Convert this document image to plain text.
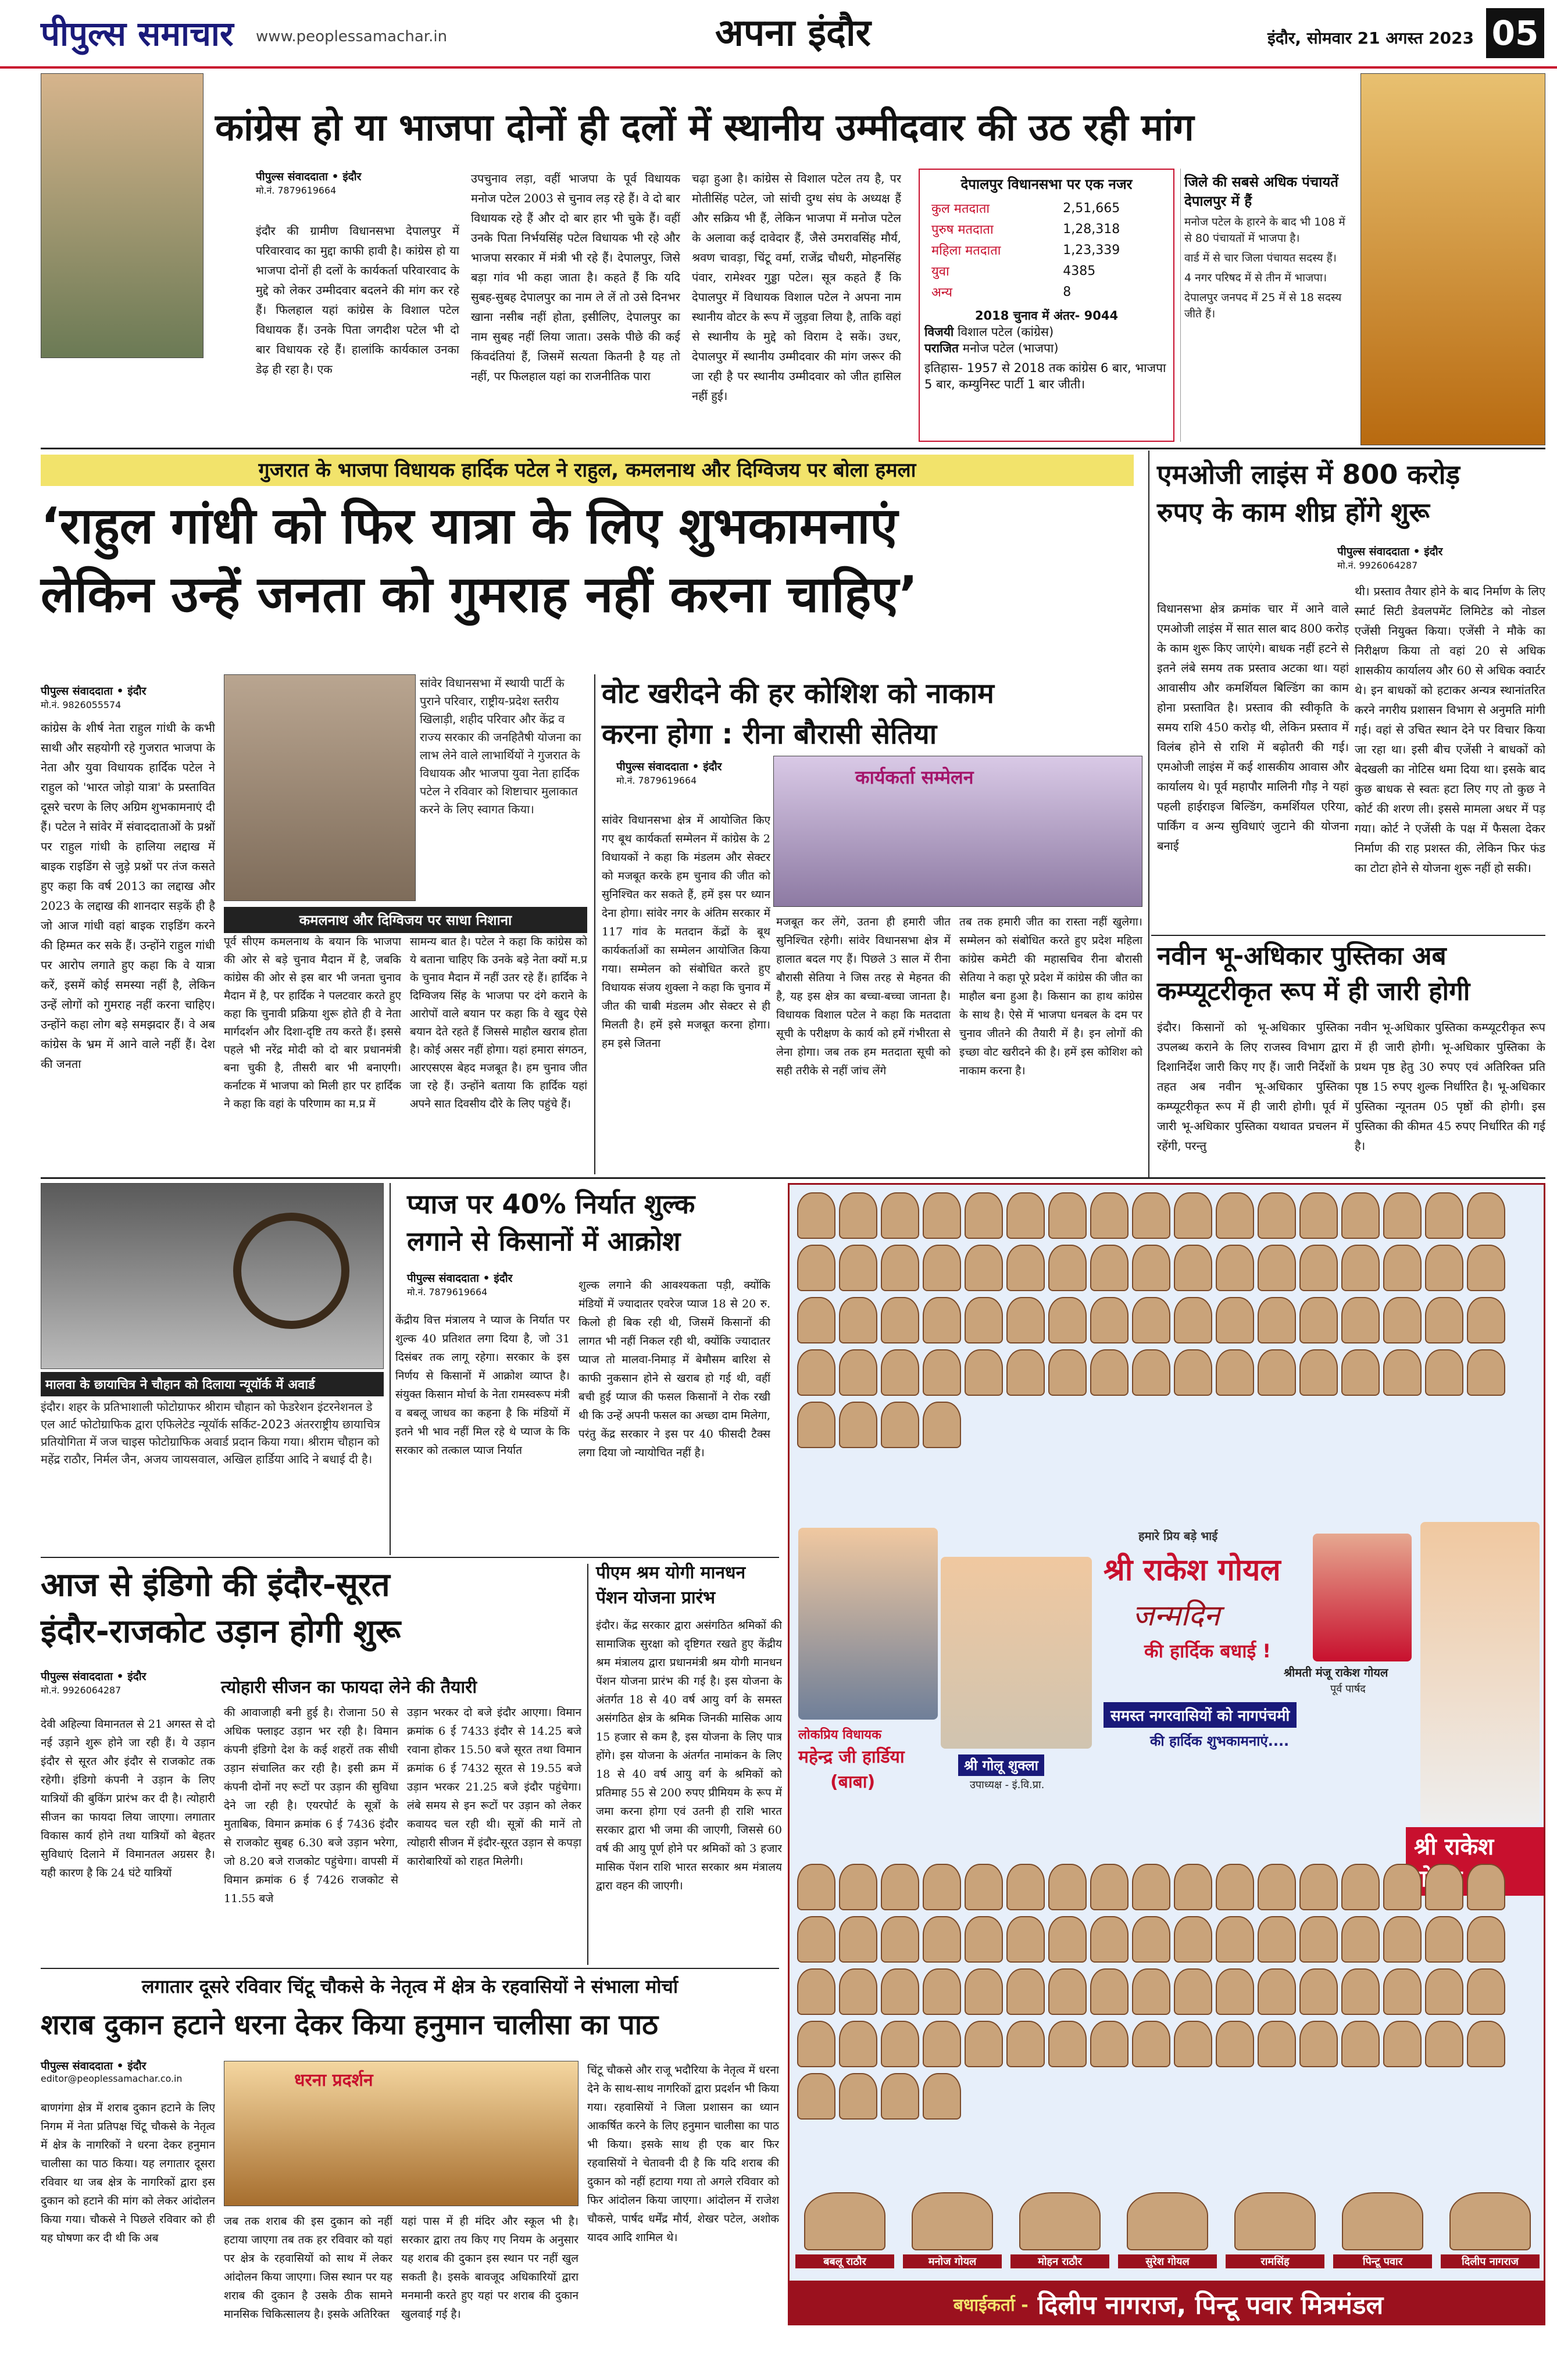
पीपुल्स समाचार www.peoplessamachar.in	अपना इंदौर	इंदौर, सोमवार 21 अगस्त 2023 05
कांग्रेस हो या भाजपा दोनों ही दलों में स्थानीय उम्मीदवार की उठ रही मांग
पीपुल्स संवाददाता • इंदौर
मो.नं. 7879619664
इंदौर की ग्रामीण विधानसभा देपालपुर में परिवारवाद का मुद्दा काफी हावी है। कांग्रेस हो या भाजपा दोनों ही दलों के कार्यकर्ता परिवारवाद के मुद्दे को लेकर उम्मीदवार बदलने की मांग कर रहे हैं। फिलहाल यहां कांग्रेस के विशाल पटेल विधायक हैं। उनके पिता जगदीश पटेल भी दो बार विधायक रहे हैं। हालांकि कार्यकाल उनका डेढ़ ही रहा है। एक
उपचुनाव लड़ा, वहीं भाजपा के पूर्व विधायक मनोज पटेल 2003 से चुनाव लड़ रहे हैं। वे दो बार विधायक रहे हैं और दो बार हार भी चुके हैं। वहीं उनके पिता निर्भयसिंह पटेल विधायक भी रहे और भाजपा सरकार में मंत्री भी रहे हैं। देपालपुर, जिसे बड़ा गांव भी कहा जाता है। कहते हैं कि यदि सुबह-सुबह देपालपुर का नाम ले लें तो उसे दिनभर खाना नसीब नहीं होता, इसीलिए, देपालपुर का नाम सुबह नहीं लिया जाता। उसके पीछे की कई किंवदंतियां हैं, जिसमें सत्यता कितनी है यह तो नहीं, पर फिलहाल यहां का राजनीतिक पारा
चढ़ा हुआ है। कांग्रेस से विशाल पटेल तय है, पर मोतीसिंह पटेल, जो सांची दुग्ध संघ के अध्यक्ष हैं और सक्रिय भी हैं, लेकिन भाजपा में मनोज पटेल के अलावा कई दावेदार हैं, जैसे उमरावसिंह मौर्य, श्रवण चावड़ा, चिंटू वर्मा, राजेंद्र चौधरी, मोहनसिंह पंवार, रामेश्वर गुड्डा पटेल। सूत्र कहते हैं कि देपालपुर में विधायक विशाल पटेल ने अपना नाम स्थानीय वोटर के रूप में जुड़वा लिया है, ताकि वहां से स्थानीय के मुद्दे को विराम दे सकें। उधर, देपालपुर में स्थानीय उम्मीदवार की मांग जरूर की जा रही है पर स्थानीय उम्मीदवार को जीत हासिल नहीं हुई।
देपालपुर विधानसभा पर एक नजर
कुल मतदाता	2,51,665
पुरुष मतदाता	1,28,318
महिला मतदाता	1,23,339
युवा	4385
अन्य	8
2018 चुनाव में अंतर- 9044
विजयी विशाल पटेल (कांग्रेस)
पराजित मनोज पटेल (भाजपा)
इतिहास- 1957 से 2018 तक कांग्रेस 6 बार, भाजपा 5 बार, कम्युनिस्ट पार्टी 1 बार जीती।
जिले की सबसे अधिक पंचायतें देपालपुर में हैं
मनोज पटेल के हारने के बाद भी 108 में से 80 पंचायतों में भाजपा है।
वार्ड में से चार जिला पंचायत सदस्य हैं।
4 नगर परिषद में से तीन में भाजपा।
देपालपुर जनपद में 25 में से 18 सदस्य जीते हैं।
गुजरात के भाजपा विधायक हार्दिक पटेल ने राहुल, कमलनाथ और दिग्विजय पर बोला हमला
‘राहुल गांधी को फिर यात्रा के लिए शुभकामनाएं
लेकिन उन्हें जनता को गुमराह नहीं करना चाहिए’
एमओजी लाइंस में 800 करोड़
रुपए के काम शीघ्र होंगे शुरू
पीपुल्स संवाददाता • इंदौर
मो.नं. 9926064287
विधानसभा क्षेत्र क्रमांक चार में आने वाले एमओजी लाइंस में सात साल बाद 800 करोड़ के काम शुरू किए जाएंगे। बाधक नहीं हटने से इतने लंबे समय तक प्रस्ताव अटका था। यहां आवासीय और कमर्शियल बिल्डिंग का काम होना प्रस्तावित है। प्रस्ताव की स्वीकृति के समय राशि 450 करोड़ थी, लेकिन प्रस्ताव में विलंब होने से राशि में बढ़ोतरी की गई। एमओजी लाइंस में कई शासकीय आवास और कार्यालय थे। पूर्व महापौर मालिनी गौड़ ने यहां पहली हाईराइज बिल्डिंग, कमर्शियल एरिया, पार्किंग व अन्य सुविधाएं जुटाने की योजना बनाई
थी। प्रस्ताव तैयार होने के बाद निर्माण के लिए स्मार्ट सिटी डेवलपमेंट लिमिटेड को नोडल एजेंसी नियुक्त किया। एजेंसी ने मौके का निरीक्षण किया तो वहां 20 से अधिक शासकीय कार्यालय और 60 से अधिक क्वार्टर थे। इन बाधकों को हटाकर अन्यत्र स्थानांतरित करने नगरीय प्रशासन विभाग से अनुमति मांगी गई। वहां से उचित स्थान देने पर विचार किया जा रहा था। इसी बीच एजेंसी ने बाधकों को बेदखली का नोटिस थमा दिया था। इसके बाद कुछ बाधक से स्वतः हटा लिए गए तो कुछ ने कोर्ट की शरण ली। इससे मामला अधर में पड़ गया। कोर्ट ने एजेंसी के पक्ष में फैसला देकर निर्माण की राह प्रशस्त की, लेकिन फिर फंड का टोटा होने से योजना शुरू नहीं हो सकी।
नवीन भू-अधिकार पुस्तिका अब
कम्प्यूटरीकृत रूप में ही जारी होगी
इंदौर। किसानों को भू-अधिकार पुस्तिका उपलब्ध कराने के लिए राजस्व विभाग द्वारा दिशानिर्देश जारी किए गए हैं। जारी निर्देशों के तहत अब नवीन भू-अधिकार पुस्तिका कम्प्यूटरीकृत रूप में ही जारी होगी। पूर्व में जारी भू-अधिकार पुस्तिका यथावत प्रचलन में रहेंगी, परन्तु
नवीन भू-अधिकार पुस्तिका कम्प्यूटरीकृत रूप में ही जारी होगी। भू-अधिकार पुस्तिका के प्रथम पृष्ठ हेतु 30 रुपए एवं अतिरिक्त प्रति पृष्ठ 15 रुपए शुल्क निर्धारित है। भू-अधिकार पुस्तिका न्यूनतम 05 पृष्ठों की होगी। इस पुस्तिका की कीमत 45 रुपए निर्धारित की गई है।
पीपुल्स संवाददाता • इंदौर
मो.नं. 9826055574
कांग्रेस के शीर्ष नेता राहुल गांधी के कभी साथी और सहयोगी रहे गुजरात भाजपा के नेता और युवा विधायक हार्दिक पटेल ने राहुल को 'भारत जोड़ो यात्रा' के प्रस्तावित दूसरे चरण के लिए अग्रिम शुभकामनाएं दी हैं। पटेल ने सांवेर में संवाददाताओं के प्रश्नों पर राहुल गांधी के हालिया लद्दाख में बाइक राइडिंग से जुड़े प्रश्नों पर तंज कसते हुए कहा कि वर्ष 2013 का लद्दाख और 2023 के लद्दाख की शानदार सड़कें ही है जो आज गांधी वहां बाइक राइडिंग करने की हिम्मत कर सके हैं। उन्होंने राहुल गांधी पर आरोप लगाते हुए कहा कि वे यात्रा करें, इसमें कोई समस्या नहीं है, लेकिन उन्हें लोगों को गुमराह नहीं करना चाहिए। उन्होंने कहा लोग बड़े समझदार हैं। वे अब कांग्रेस के भ्रम में आने वाले नहीं हैं। देश की जनता
सांवेर विधानसभा में स्थायी पार्टी के पुराने परिवार, राष्ट्रीय-प्रदेश स्तरीय खिलाड़ी, शहीद परिवार और केंद्र व राज्य सरकार की जनहितैषी योजना का लाभ लेने वाले लाभार्थियों ने गुजरात के विधायक और भाजपा युवा नेता हार्दिक पटेल ने रविवार को शिष्टाचार मुलाकात करने के लिए स्वागत किया।
कमलनाथ और दिग्विजय पर साधा निशाना
पूर्व सीएम कमलनाथ के बयान कि भाजपा की ओर से बड़े चुनाव मैदान में है, जबकि कांग्रेस की ओर से इस बार भी जनता चुनाव मैदान में है, पर हार्दिक ने पलटवार करते हुए कहा कि चुनावी प्रक्रिया शुरू होते ही वे नेता मार्गदर्शन और दिशा-दृष्टि तय करते हैं। इससे पहले भी नरेंद्र मोदी को दो बार प्रधानमंत्री बना चुकी है, तीसरी बार भी बनाएगी। कर्नाटक में भाजपा को मिली हार पर हार्दिक ने कहा कि वहां के परिणाम का म.प्र में
सामन्य बात है। पटेल ने कहा कि कांग्रेस को ये बताना चाहिए कि उनके बड़े नेता क्यों म.प्र के चुनाव मैदान में नहीं उतर रहे हैं। हार्दिक ने दिग्विजय सिंह के भाजपा पर दंगे कराने के आरोपों वाले बयान पर कहा कि वे खुद ऐसे बयान देते रहते हैं जिससे माहौल खराब होता है। कोई असर नहीं होगा। यहां हमारा संगठन, आरएसएस बेहद मजबूत है। हम चुनाव जीत जा रहे हैं। उन्होंने बताया कि हार्दिक यहां अपने सात दिवसीय दौरे के लिए पहुंचे हैं।
वोट खरीदने की हर कोशिश को नाकाम
करना होगा : रीना बौरासी सेतिया
पीपुल्स संवाददाता • इंदौर
मो.नं. 7879619664	कार्यकर्ता सम्मेलन
सांवेर विधानसभा क्षेत्र में आयोजित किए गए बूथ कार्यकर्ता सम्मेलन में कांग्रेस के 2 विधायकों ने कहा कि मंडलम और सेक्टर को मजबूत करके हम चुनाव की जीत को सुनिश्चित कर सकते हैं, हमें इस पर ध्यान देना होगा। सांवेर नगर के अंतिम सरकार में 117 गांव के मतदान केंद्रों के बूथ कार्यकर्ताओं का सम्मेलन आयोजित किया गया। सम्मेलन को संबोधित करते हुए विधायक संजय शुक्ला ने कहा कि चुनाव में जीत की चाबी मंडलम और सेक्टर से ही मिलती है। हमें इसे मजबूत करना होगा। हम इसे जितना
मजबूत कर लेंगे, उतना ही हमारी जीत सुनिश्चित रहेगी। सांवेर विधानसभा क्षेत्र में हालात बदल गए हैं। पिछले 3 साल में रीना बौरासी सेतिया ने जिस तरह से मेहनत की है, यह इस क्षेत्र का बच्चा-बच्चा जानता है। विधायक विशाल पटेल ने कहा कि मतदाता सूची के परीक्षण के कार्य को हमें गंभीरता से लेना होगा। जब तक हम मतदाता सूची को सही तरीके से नहीं जांच लेंगे
तब तक हमारी जीत का रास्ता नहीं खुलेगा। सम्मेलन को संबोधित करते हुए प्रदेश महिला कांग्रेस कमेटी की महासचिव रीना बौरासी सेतिया ने कहा पूरे प्रदेश में कांग्रेस की जीत का माहौल बना हुआ है। किसान का हाथ कांग्रेस के साथ है। ऐसे में भाजपा धनबल के दम पर चुनाव जीतने की तैयारी में है। इन लोगों की इच्छा वोट खरीदने की है। हमें इस कोशिश को नाकाम करना है।
मालवा के छायाचित्र ने चौहान को दिलाया न्यूयॉर्क में अवार्ड
इंदौर। शहर के प्रतिभाशाली फोटोग्राफर श्रीराम चौहान को फेडरेशन इंटरनेशनल डे एल आर्ट फोटोग्राफिक द्वारा एफिलेटेड न्यूयॉर्क सर्किट-2023 अंतरराष्ट्रीय छायाचित्र प्रतियोगिता में जज चाइस फोटोग्राफिक अवार्ड प्रदान किया गया। श्रीराम चौहान को महेंद्र राठौर, निर्मल जैन, अजय जायसवाल, अखिल हार्डिया आदि ने बधाई दी है।
प्याज पर 40% निर्यात शुल्क
लगाने से किसानों में आक्रोश
पीपुल्स संवाददाता • इंदौर
मो.नं. 7879619664
केंद्रीय वित्त मंत्रालय ने प्याज के निर्यात पर शुल्क 40 प्रतिशत लगा दिया है, जो 31 दिसंबर तक लागू रहेगा। सरकार के इस निर्णय से किसानों में आक्रोश व्याप्त है। संयुक्त किसान मोर्चा के नेता रामस्वरूप मंत्री व बबलू जाधव का कहना है कि मंडियों में इतने भी भाव नहीं मिल रहे थे प्याज के कि सरकार को तत्काल प्याज निर्यात
शुल्क लगाने की आवश्यकता पड़ी, क्योंकि मंडियों में ज्यादातर एवरेज प्याज 18 से 20 रु. किलो ही बिक रही थी, जिसमें किसानों की लागत भी नहीं निकल रही थी, क्योंकि ज्यादातर प्याज तो मालवा-निमाड़ में बेमौसम बारिश से काफी नुकसान होने से खराब हो गई थी, वहीं बची हुई प्याज की फसल किसानों ने रोक रखी थी कि उन्हें अपनी फसल का अच्छा दाम मिलेगा, परंतु केंद्र सरकार ने इस पर 40 फीसदी टैक्स लगा दिया जो न्यायोचित नहीं है।
आज से इंडिगो की इंदौर-सूरत
इंदौर-राजकोट उड़ान होगी शुरू
पीपुल्स संवाददाता • इंदौर
मो.नं. 9926064287	त्योहारी सीजन का फायदा लेने की तैयारी
देवी अहिल्या विमानतल से 21 अगस्त से दो नई उड़ाने शुरू होने जा रही हैं। ये उड़ान इंदौर से सूरत और इंदौर से राजकोट तक रहेगी। इंडिगो कंपनी ने उड़ान के लिए यात्रियों की बुकिंग प्रारंभ कर दी है। त्योहारी सीजन का फायदा लिया जाएगा। लगातार विकास कार्य होने तथा यात्रियों को बेहतर सुविधाएं दिलाने में विमानतल अग्रसर है। यही कारण है कि 24 घंटे यात्रियों
की आवाजाही बनी हुई है। रोजाना 50 से अधिक फ्लाइट उड़ान भर रही है। विमान कंपनी इंडिगो देश के कई शहरों तक सीधी उड़ान संचालित कर रही है। इसी क्रम में कंपनी दोनों नए रूटों पर उड़ान की सुविधा देने जा रही है। एयरपोर्ट के सूत्रों के मुताबिक, विमान क्रमांक 6 ई 7436 इंदौर से राजकोट सुबह 6.30 बजे उड़ान भरेगा, जो 8.20 बजे राजकोट पहुंचेगा। वापसी में विमान क्रमांक 6 ई 7426 राजकोट से 11.55 बजे
उड़ान भरकर दो बजे इंदौर आएगा। विमान क्रमांक 6 ई 7433 इंदौर से 14.25 बजे रवाना होकर 15.50 बजे सूरत तथा विमान क्रमांक 6 ई 7432 सूरत से 19.55 बजे उड़ान भरकर 21.25 बजे इंदौर पहुंचेगा। लंबे समय से इन रूटों पर उड़ान को लेकर कवायद चल रही थी। सूत्रों की मानें तो त्योहारी सीजन में इंदौर-सूरत उड़ान से कपड़ा कारोबारियों को राहत मिलेगी।
पीएम श्रम योगी मानधन
पेंशन योजना प्रारंभ
इंदौर। केंद्र सरकार द्वारा असंगठित श्रमिकों की सामाजिक सुरक्षा को दृष्टिगत रखते हुए केंद्रीय श्रम मंत्रालय द्वारा प्रधानमंत्री श्रम योगी मानधन पेंशन योजना प्रारंभ की गई है। इस योजना के अंतर्गत 18 से 40 वर्ष आयु वर्ग के समस्त असंगठित क्षेत्र के श्रमिक जिनकी मासिक आय 15 हजार से कम है, इस योजना के लिए पात्र होंगे। इस योजना के अंतर्गत नामांकन के लिए 18 से 40 वर्ष आयु वर्ग के श्रमिकों को प्रतिमाह 55 से 200 रुपए प्रीमियम के रूप में जमा करना होगा एवं उतनी ही राशि भारत सरकार द्वारा भी जमा की जाएगी, जिससे 60 वर्ष की आयु पूर्ण होने पर श्रमिकों को 3 हजार मासिक पेंशन राशि भारत सरकार श्रम मंत्रालय द्वारा वहन की जाएगी।
हमारे प्रिय बड़े भाई
श्री राकेश गोयल
जन्मदिन
की हार्दिक बधाई !
लोकप्रिय विधायक
महेन्द्र जी हार्डिया
(बाबा)
श्री गोलू शुक्ला
उपाध्यक्ष - इं.वि.प्रा.
श्रीमती मंजू राकेश गोयल
पूर्व पार्षद
समस्त नगरवासियों को नागपंचमी
की हार्दिक शुभकामनाएं....
श्री राकेश
बबलू राठौर	मनोज गोयल	मोहन राठौर	सुरेश गोयल	रामसिंह	पिन्टू पवार	दिलीप नागराज
बधाईकर्ता - दिलीप नागराज, पिन्टू पवार मित्रमंडल
लगातार दूसरे रविवार चिंटू चौकसे के नेतृत्व में क्षेत्र के रहवासियों ने संभाला मोर्चा
शराब दुकान हटाने धरना देकर किया हनुमान चालीसा का पाठ
पीपुल्स संवाददाता • इंदौर
editor@peoplessamachar.co.in
बाणगंगा क्षेत्र में शराब दुकान हटाने के लिए निगम में नेता प्रतिपक्ष चिंटू चौकसे के नेतृत्व में क्षेत्र के नागरिकों ने धरना देकर हनुमान चालीसा का पाठ किया। यह लगातार दूसरा रविवार था जब क्षेत्र के नागरिकों द्वारा इस दुकान को हटाने की मांग को लेकर आंदोलन किया गया। चौकसे ने पिछले रविवार को ही यह घोषणा कर दी थी कि अब
धरना प्रदर्शन
जब तक शराब की इस दुकान को नहीं हटाया जाएगा तब तक हर रविवार को यहां पर क्षेत्र के रहवासियों को साथ में लेकर आंदोलन किया जाएगा। जिस स्थान पर यह शराब की दुकान है उसके ठीक सामने मानसिक चिकित्सालय है। इसके अतिरिक्त
यहां पास में ही मंदिर और स्कूल भी है। सरकार द्वारा तय किए गए नियम के अनुसार यह शराब की दुकान इस स्थान पर नहीं खुल सकती है। इसके बावजूद अधिकारियों द्वारा मनमानी करते हुए यहां पर शराब की दुकान खुलवाई गई है।
चिंटू चौकसे और राजू भदौरिया के नेतृत्व में धरना देने के साथ-साथ नागरिकों द्वारा प्रदर्शन भी किया गया। रहवासियों ने जिला प्रशासन का ध्यान आकर्षित करने के लिए हनुमान चालीसा का पाठ भी किया। इसके साथ ही एक बार फिर रहवासियों ने चेतावनी दी है कि यदि शराब की दुकान को नहीं हटाया गया तो अगले रविवार को फिर आंदोलन किया जाएगा। आंदोलन में राजेश चौकसे, पार्षद धर्मेंद्र मौर्य, शेखर पटेल, अशोक यादव आदि शामिल थे।
